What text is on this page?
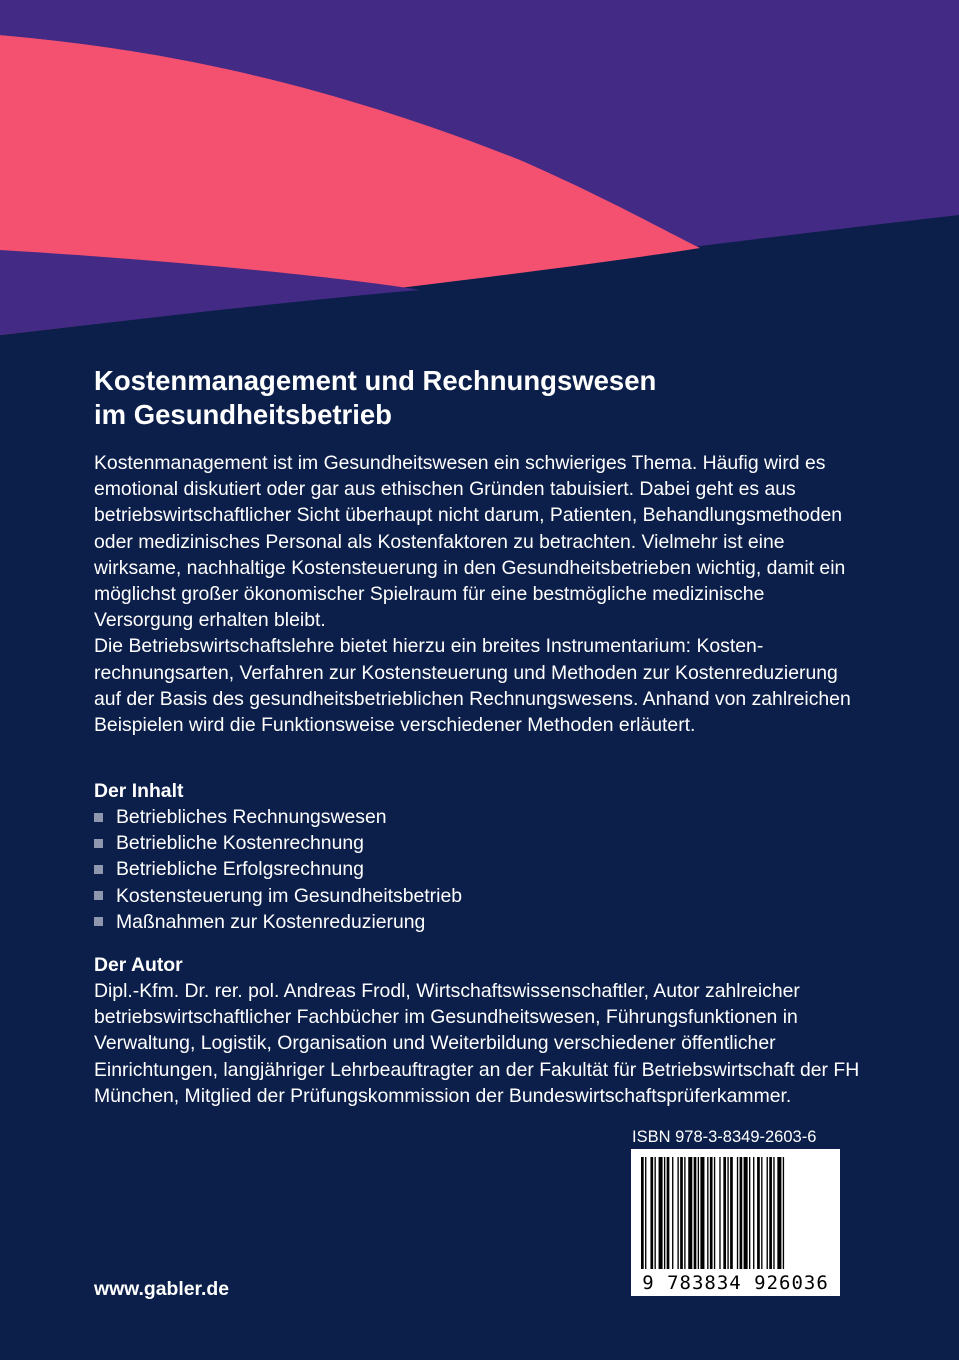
Kostenmanagement und Rechnungswesen
im Gesundheitsbetrieb
Kostenmanagement ist im Gesundheitswesen ein schwieriges Thema. Häufig wird es emotional diskutiert oder gar aus ethischen Gründen tabuisiert. Dabei geht es aus betriebswirtschaftlicher Sicht überhaupt nicht darum, Patienten, Behandlungsmethoden oder medizinisches Personal als Kostenfaktoren zu betrachten. Vielmehr ist eine wirksame, nachhaltige Kostensteuerung in den Gesundheitsbetrieben wichtig, damit ein möglichst großer ökonomischer Spielraum für eine bestmögliche medizinische Versorgung erhalten bleibt.
Die Betriebswirtschaftslehre bietet hierzu ein breites Instrumentarium: Kostenrechnungsarten, Verfahren zur Kostensteuerung und Methoden zur Kostenreduzierung auf der Basis des gesundheitsbetrieblichen Rechnungswesens. Anhand von zahlreichen Beispielen wird die Funktionsweise verschiedener Methoden erläutert.
Der Inhalt
Betriebliches Rechnungswesen
Betriebliche Kostenrechnung
Betriebliche Erfolgsrechnung
Kostensteuerung im Gesundheitsbetrieb
Maßnahmen zur Kostenreduzierung
Der Autor

Dipl.-Kfm. Dr. rer. pol. Andreas Frodl, Wirtschaftswissenschaftler, Autor zahlreicher betriebswirtschaftlicher Fachbücher im Gesundheitswesen, Führungsfunktionen in Verwaltung, Logistik, Organisation und Weiterbildung verschiedener öffentlicher Einrichtungen, langjähriger Lehrbeauftragter an der Fakultät für Betriebswirtschaft der FH München, Mitglied der Prüfungskommission der Bundeswirtschaftsprüferkammer.

ISBN 978-3-8349-2603-6
9 783834 926036
www.gabler.de
